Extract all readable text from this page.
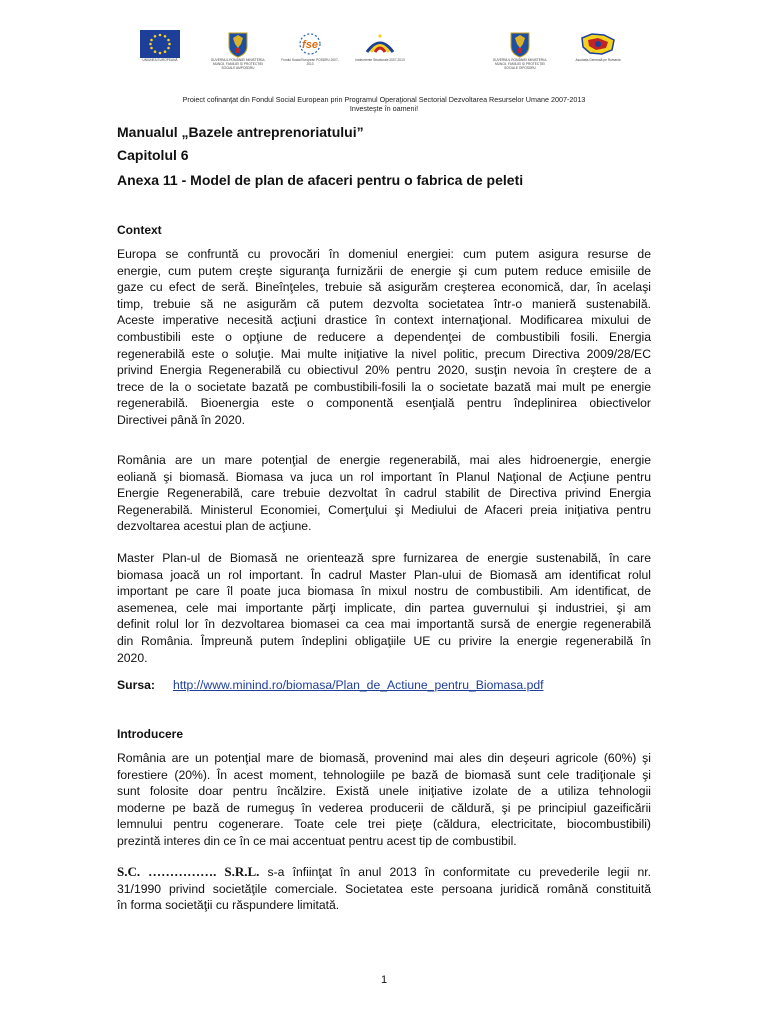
UNIUNEA EUROPEANĂ	GUVERNUL ROMÂNIEI MINISTERUL MUNCII, FAMILIEI ȘI PROTECȚIEI SOCIALE AMPOSDRU
fse
Fondul Social European POSDRU 2007-2013
Instrumente Structurale 2007-2013	GUVERNUL ROMÂNIEI MINISTERUL MUNCII, FAMILIEI ȘI PROTECȚIEI SOCIALE OIPOSDRU
Asociația Generală pe Romania
Proiect cofinanţat din Fondul Social European prin Programul Operaţional Sectorial Dezvoltarea Resurselor Umane 2007-2013
Investeşte în oameni!
Manualul „Bazele antreprenoriatului”
Capitolul 6
Anexa 11 - Model de plan de afaceri pentru o fabrica de peleti
Context
Europa se confruntă cu provocări în domeniul energiei: cum putem asigura resurse de
energie, cum putem creşte siguranţa furnizării de energie şi cum putem reduce emisiile de
gaze cu efect de seră. Bineînţeles, trebuie să asigurăm creşterea economică, dar, în acelaşi
timp, trebuie să ne asigurăm că putem dezvolta societatea într-o manieră sustenabilă.
Aceste imperative necesită acţiuni drastice în context internaţional. Modificarea mixului de
combustibili este o opţiune de reducere a dependenţei de combustibili fosili. Energia
regenerabilă este o soluţie. Mai multe iniţiative la nivel politic, precum Directiva 2009/28/EC
privind Energia Regenerabilă cu obiectivul 20% pentru 2020, susţin nevoia în creştere de a
trece de la o societate bazată pe combustibili-fosili la o societate bazată mai mult pe energie
regenerabilă. Bioenergia este o componentă esenţială pentru îndeplinirea obiectivelor
Directivei până în 2020.
România are un mare potenţial de energie regenerabilă, mai ales hidroenergie, energie
eoliană şi biomasă. Biomasa va juca un rol important în Planul Naţional de Acţiune pentru
Energie Regenerabilă, care trebuie dezvoltat în cadrul stabilit de Directiva privind Energia
Regenerabilă. Ministerul Economiei, Comerţului şi Mediului de Afaceri preia iniţiativa pentru
dezvoltarea acestui plan de acţiune.
Master Plan-ul de Biomasă ne orientează spre furnizarea de energie sustenabilă, în care
biomasa joacă un rol important. În cadrul Master Plan-ului de Biomasă am identificat rolul
important pe care îl poate juca biomasa în mixul nostru de combustibili. Am identificat, de
asemenea, cele mai importante părţi implicate, din partea guvernului şi industriei, şi am
definit rolul lor în dezvoltarea biomasei ca cea mai importantă sursă de energie regenerabilă
din România. Împreună putem îndeplini obligaţiile UE cu privire la energie regenerabilă în
2020.
Sursa: http://www.minind.ro/biomasa/Plan_de_Actiune_pentru_Biomasa.pdf
Introducere
România are un potenţial mare de biomasă, provenind mai ales din deşeuri agricole (60%) şi
forestiere (20%). În acest moment, tehnologiile pe bază de biomasă sunt cele tradiţionale şi
sunt folosite doar pentru încălzire. Există unele iniţiative izolate de a utiliza tehnologii
moderne pe bază de rumeguş în vederea producerii de căldură, şi pe principiul gazeificării
lemnului pentru cogenerare. Toate cele trei pieţe (căldura, electricitate, biocombustibili)
prezintă interes din ce în ce mai accentuat pentru acest tip de combustibil.
S.C. ……………. S.R.L. s-a înfiinţat în anul 2013 în conformitate cu prevederile legii nr.
31/1990 privind societăţile comerciale. Societatea este persoana juridică română constituită
în forma societăţii cu răspundere limitată.
1
